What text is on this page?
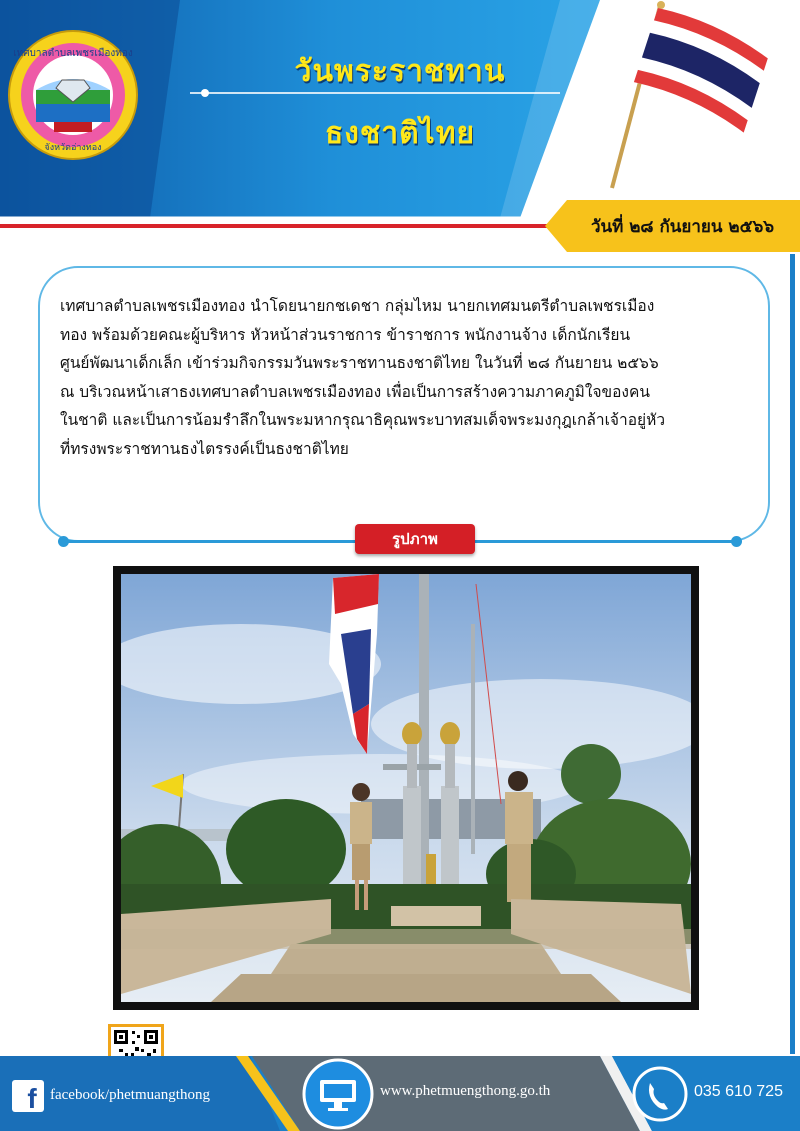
เทศบาลตำบลเพชรเมืองทอง
จังหวัดอ่างทอง
วันพระราชทาน
ธงชาติไทย
วันที่ ๒๘ กันยายน ๒๕๖๖
เทศบาลตำบลเพชรเมืองทอง นำโดยนายกชเดชา กลุ่มไหม นายกเทศมนตรีตำบลเพชรเมือง
ทอง พร้อมด้วยคณะผู้บริหาร หัวหน้าส่วนราชการ ข้าราชการ พนักงานจ้าง เด็กนักเรียน
ศูนย์พัฒนาเด็กเล็ก เข้าร่วมกิจกรรมวันพระราชทานธงชาติไทย ในวันที่ ๒๘ กันยายน ๒๕๖๖
ณ บริเวณหน้าเสาธงเทศบาลตำบลเพชรเมืองทอง เพื่อเป็นการสร้างความภาคภูมิใจของคน
ในชาติ และเป็นการน้อมรำลึกในพระมหากรุณาธิคุณพระบาทสมเด็จพระมงกุฎเกล้าเจ้าอยู่หัว
ที่ทรงพระราชทานธงไตรรงค์เป็นธงชาติไทย
รูปภาพ
f facebook/phetmuangthong	www.phetmuengthong.go.th	035 610 725
